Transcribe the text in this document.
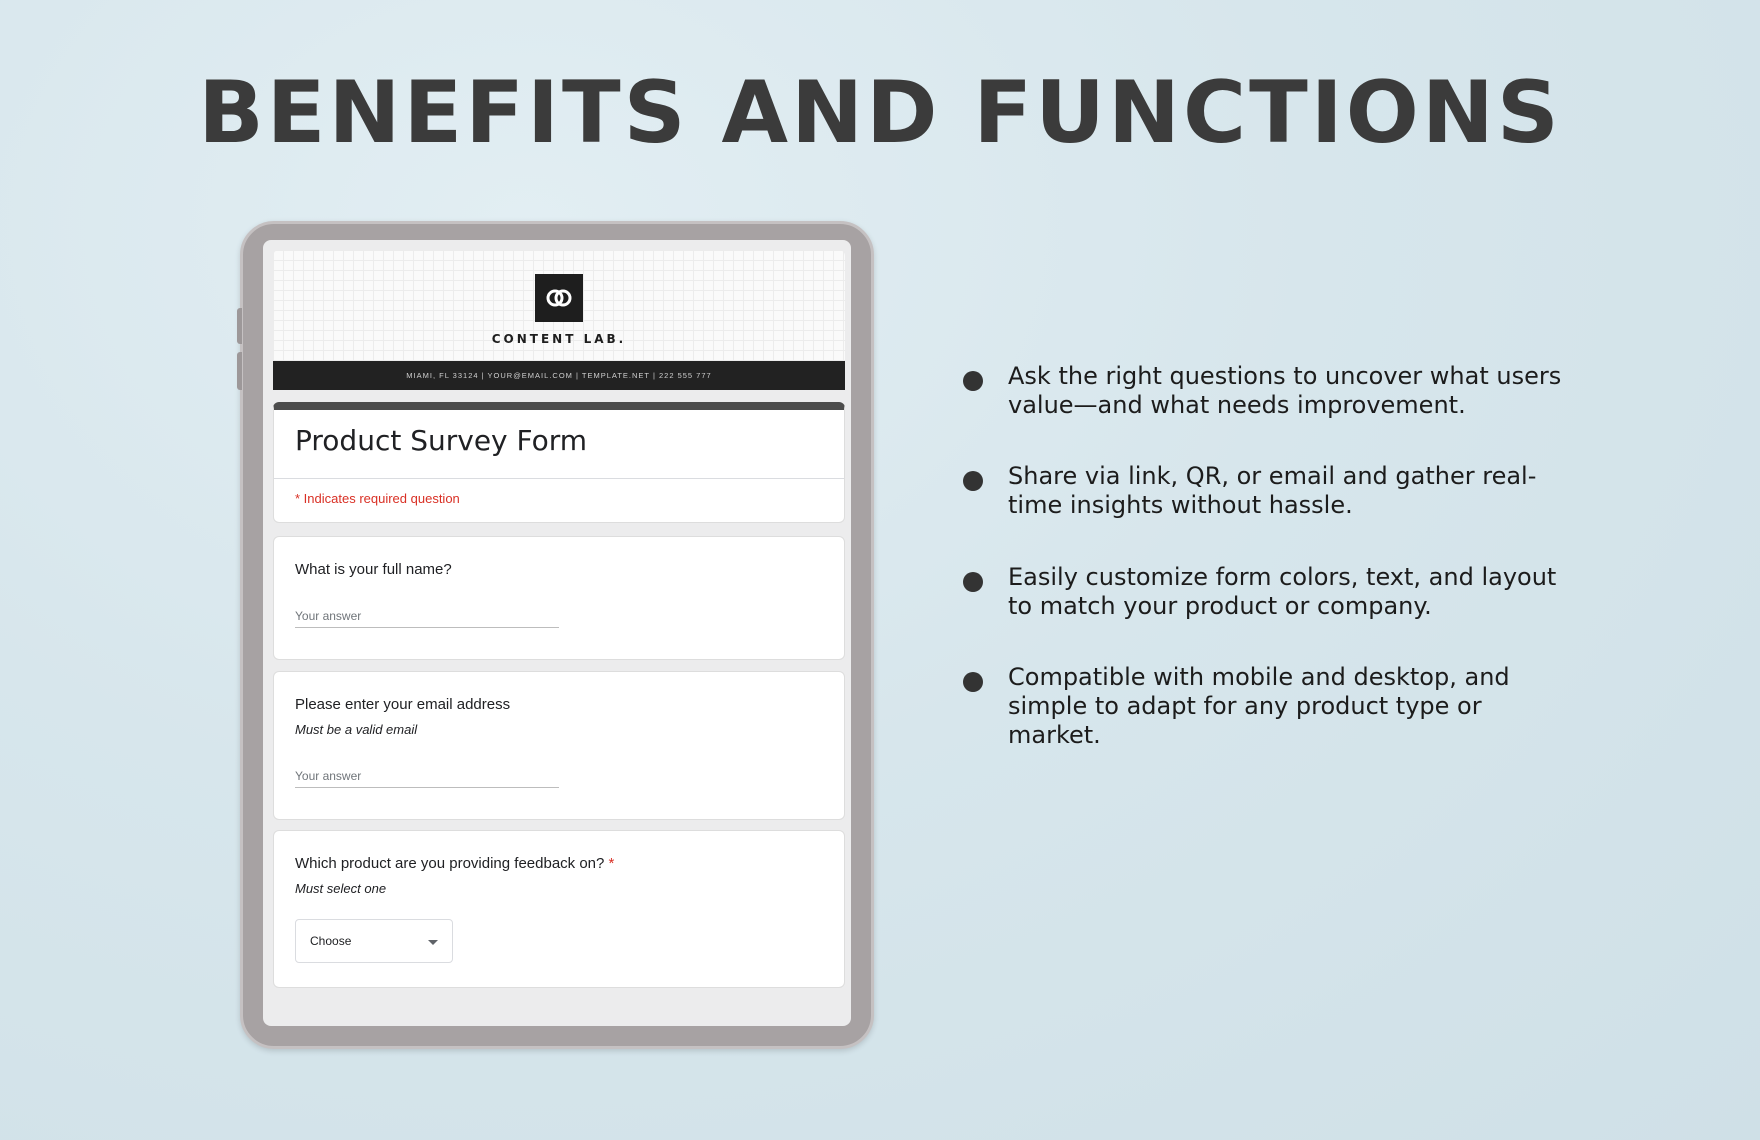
BENEFITS AND FUNCTIONS
CONTENT LAB.
MIAMI, FL 33124 | YOUR@EMAIL.COM | TEMPLATE.NET | 222 555 777
Product Survey Form
* Indicates required question
What is your full name?
Your answer
Please enter your email address
Must be a valid email
Your answer
Which product are you providing feedback on? *
Must select one
Choose
Ask the right questions to uncover what users value—and what needs improvement.
Share via link, QR, or email and gather real-time insights without hassle.
Easily customize form colors, text, and layout to match your product or company.
Compatible with mobile and desktop, and simple to adapt for any product type or market.
